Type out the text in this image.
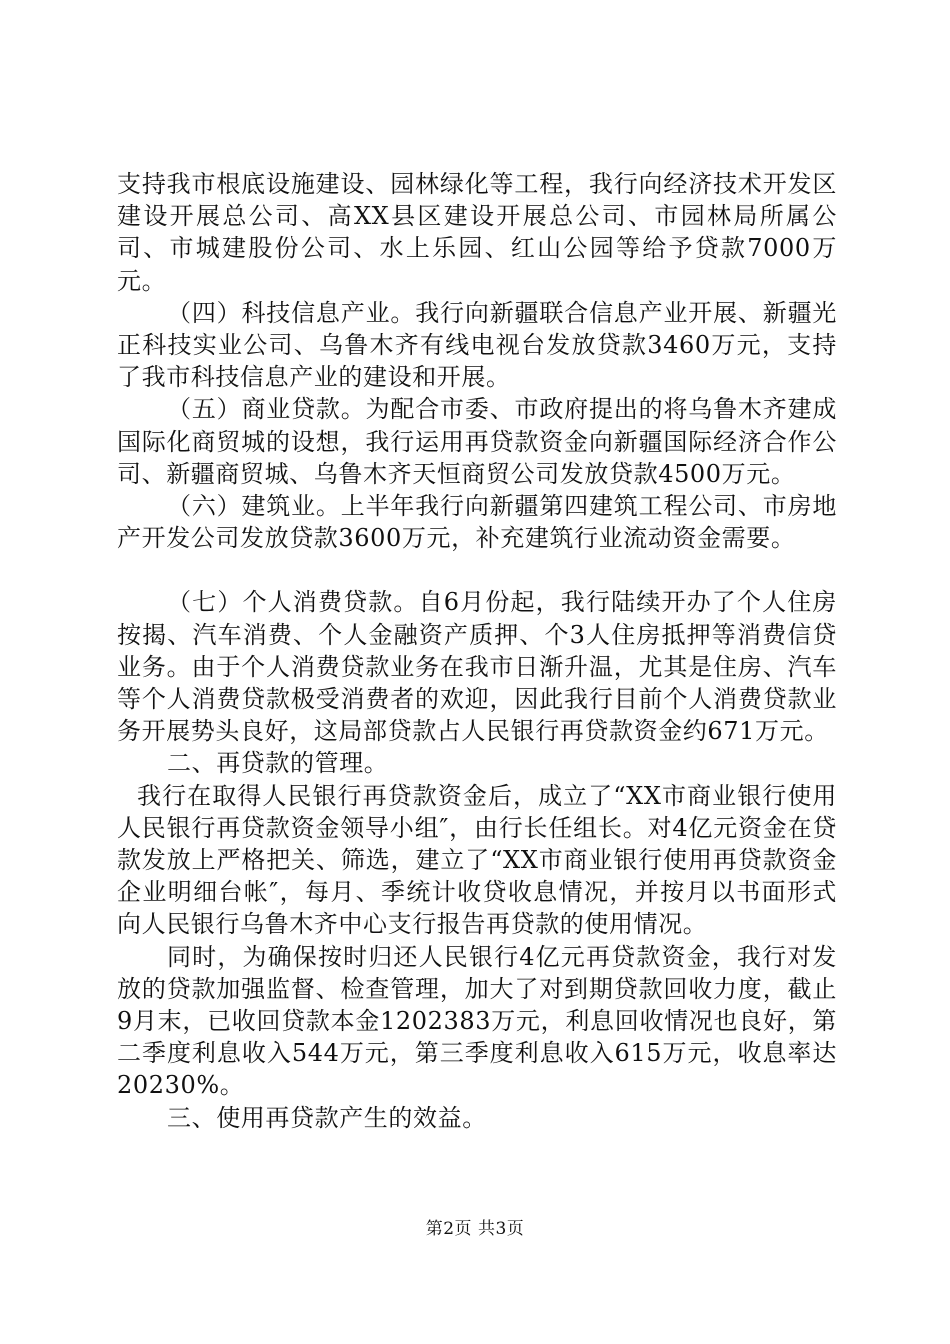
支持我市根底设施建设、园林绿化等工程，我行向经济技术开发区建设开展总公司、高XX县区建设开展总公司、市园林局所属公司、市城建股份公司、水上乐园、红山公园等给予贷款7000万元。

（四）科技信息产业。我行向新疆联合信息产业开展、新疆光正科技实业公司、乌鲁木齐有线电视台发放贷款3460万元，支持了我市科技信息产业的建设和开展。

（五）商业贷款。为配合市委、市政府提出的将乌鲁木齐建成国际化商贸城的设想，我行运用再贷款资金向新疆国际经济合作公司、新疆商贸城、乌鲁木齐天恒商贸公司发放贷款4500万元。

（六）建筑业。上半年我行向新疆第四建筑工程公司、市房地产开发公司发放贷款3600万元，补充建筑行业流动资金需要。

（七）个人消费贷款。自6月份起，我行陆续开办了个人住房按揭、汽车消费、个人金融资产质押、个3人住房抵押等消费信贷业务。由于个人消费贷款业务在我市日渐升温，尤其是住房、汽车等个人消费贷款极受消费者的欢迎，因此我行目前个人消费贷款业务开展势头良好，这局部贷款占人民银行再贷款资金约671万元。

二、再贷款的管理。

我行在取得人民银行再贷款资金后，成立了“XX市商业银行使用人民银行再贷款资金领导小组″，由行长任组长。对4亿元资金在贷款发放上严格把关、筛选，建立了“XX市商业银行使用再贷款资金企业明细台帐″，每月、季统计收贷收息情况，并按月以书面形式向人民银行乌鲁木齐中心支行报告再贷款的使用情况。

同时，为确保按时归还人民银行4亿元再贷款资金，我行对发放的贷款加强监督、检查管理，加大了对到期贷款回收力度，截止9月末，已收回贷款本金1202383万元，利息回收情况也良好，第二季度利息收入544万元，第三季度利息收入615万元，收息率达20230%。

三、使用再贷款产生的效益。

第2页 共3页
